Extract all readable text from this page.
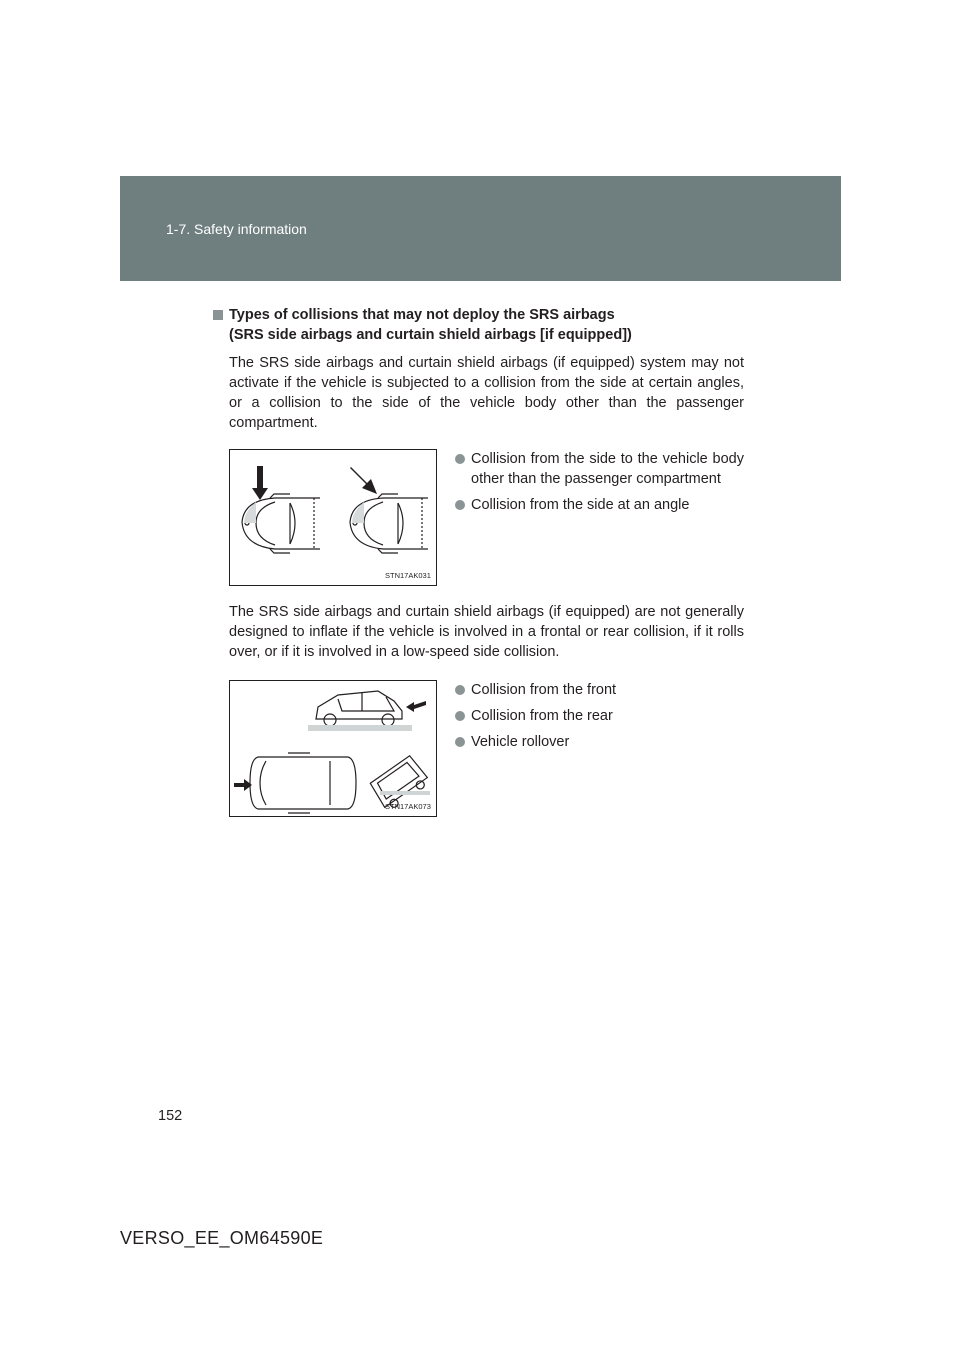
1-7. Safety information
Types of collisions that may not deploy the SRS airbags
(SRS side airbags and curtain shield airbags [if equipped])

The SRS side airbags and curtain shield airbags (if equipped) system may not activate if the vehicle is subjected to a collision from the side at certain angles, or a collision to the side of the vehicle body other than the passenger compartment.

STN17AK031
Collision from the side to the vehicle body other than the passenger compartment
Collision from the side at an angle

The SRS side airbags and curtain shield airbags (if equipped) are not generally designed to inflate if the vehicle is involved in a frontal or rear collision, if it rolls over, or if it is involved in a low-speed side collision.

STN17AK073
Collision from the front
Collision from the rear
Vehicle rollover
152
VERSO_EE_OM64590E
